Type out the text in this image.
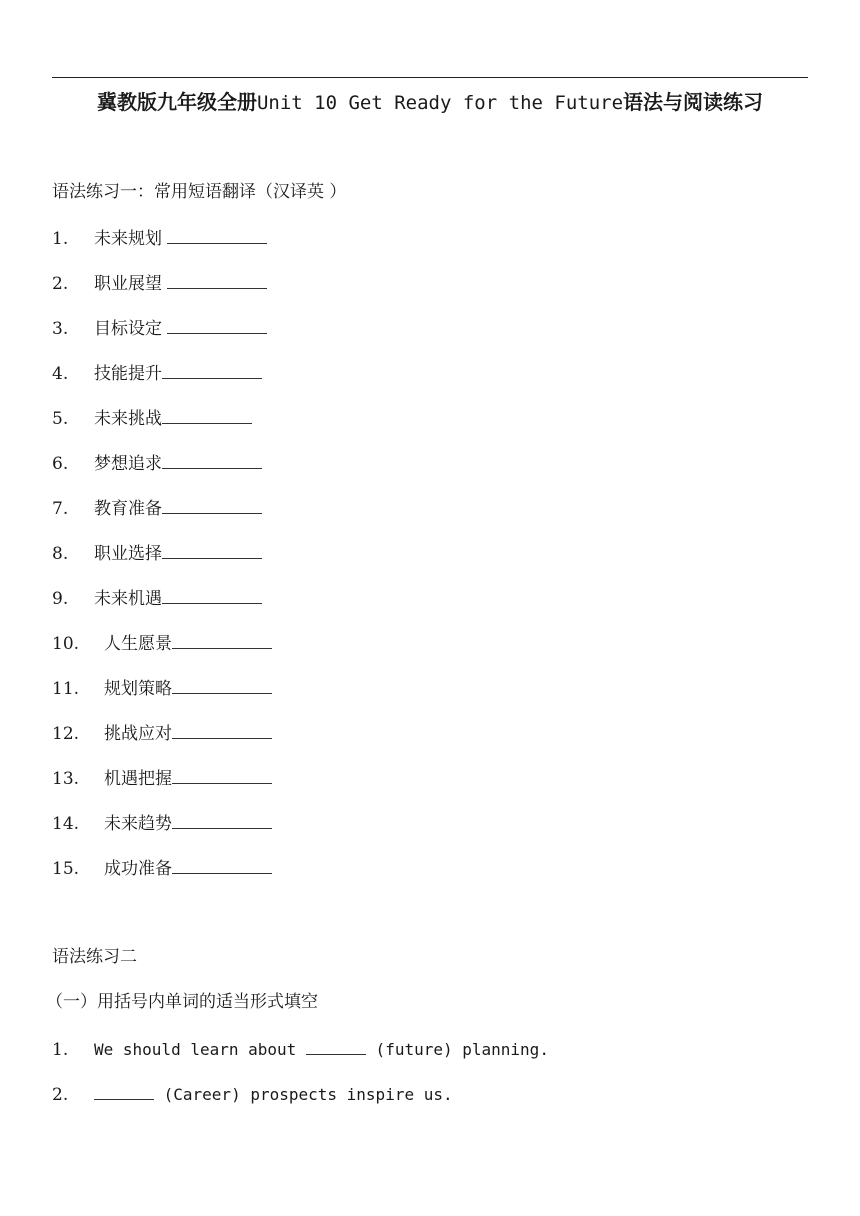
冀教版九年级全册Unit 10 Get Ready for the Future语法与阅读练习
语法练习一：常用短语翻译（汉译英 ）
1. 未来规划
2. 职业展望
3. 目标设定
4. 技能提升
5. 未来挑战
6. 梦想追求
7. 教育准备
8. 职业选择
9. 未来机遇
10. 人生愿景
11. 规划策略
12. 挑战应对
13. 机遇把握
14. 未来趋势
15. 成功准备
语法练习二
（一）用括号内单词的适当形式填空
1. We should learn about	(future) planning.
2.	(Career) prospects inspire us.
